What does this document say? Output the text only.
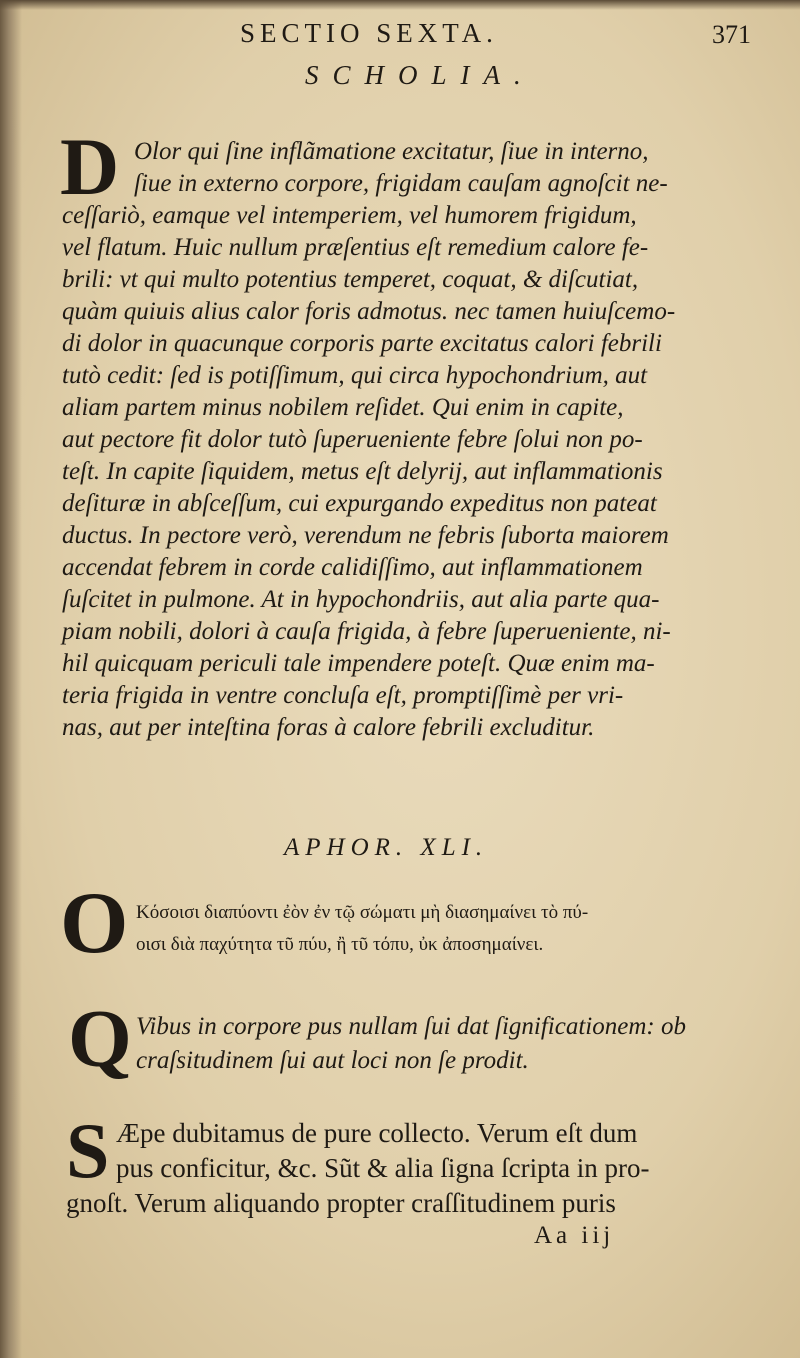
SECTIO SEXTA.	371
SCHOLIA.
D Olor qui ſine inflãmatione excitatur, ſiue in interno,
ſiue in externo corpore, frigidam cauſam agnoſcit ne-
ceſſariò, eamque vel intemperiem, vel humorem frigidum,
vel flatum. Huic nullum præſentius eſt remedium calore fe-
brili: vt qui multo potentius temperet, coquat, & diſcutiat,
quàm quiuis alius calor foris admotus. nec tamen huiuſcemo-
di dolor in quacunque corporis parte excitatus calori febrili
tutò cedit: ſed is potiſſimum, qui circa hypochondrium, aut
aliam partem minus nobilem reſidet. Qui enim in capite,
aut pectore fit dolor tutò ſuperueniente febre ſolui non po-
teſt. In capite ſiquidem, metus eſt delyrij, aut inflammationis
deſituræ in abſceſſum, cui expurgando expeditus non pateat
ductus. In pectore verò, verendum ne febris ſuborta maiorem
accendat febrem in corde calidiſſimo, aut inflammationem
ſuſcitet in pulmone. At in hypochondriis, aut alia parte qua-
piam nobili, dolori à cauſa frigida, à febre ſuperueniente, ni-
hil quicquam periculi tale impendere poteſt. Quæ enim ma-
teria frigida in ventre concluſa eſt, promptiſſimè per vri-
nas, aut per inteſtina foras à calore febrili excluditur.
APHOR. XLI.
O Κόσοισι διαπύοντι ἐὸν ἐν τῷ σώματι μὴ διασημαίνει τὸ πύ-
οισι διὰ παχύτητα τῦ πύυ, ἢ τῦ τόπυ, ὐκ ἀποσημαίνει.
Q Vibus in corpore pus nullam ſui dat ſignificationem: ob
craſsitudinem ſui aut loci non ſe prodit.
S Æpe dubitamus de pure collecto. Verum eſt dum
pus conficitur, &c. Sũt & alia ſigna ſcripta in pro-
gnoſt. Verum aliquando propter craſſitudinem puris
Aa iij
